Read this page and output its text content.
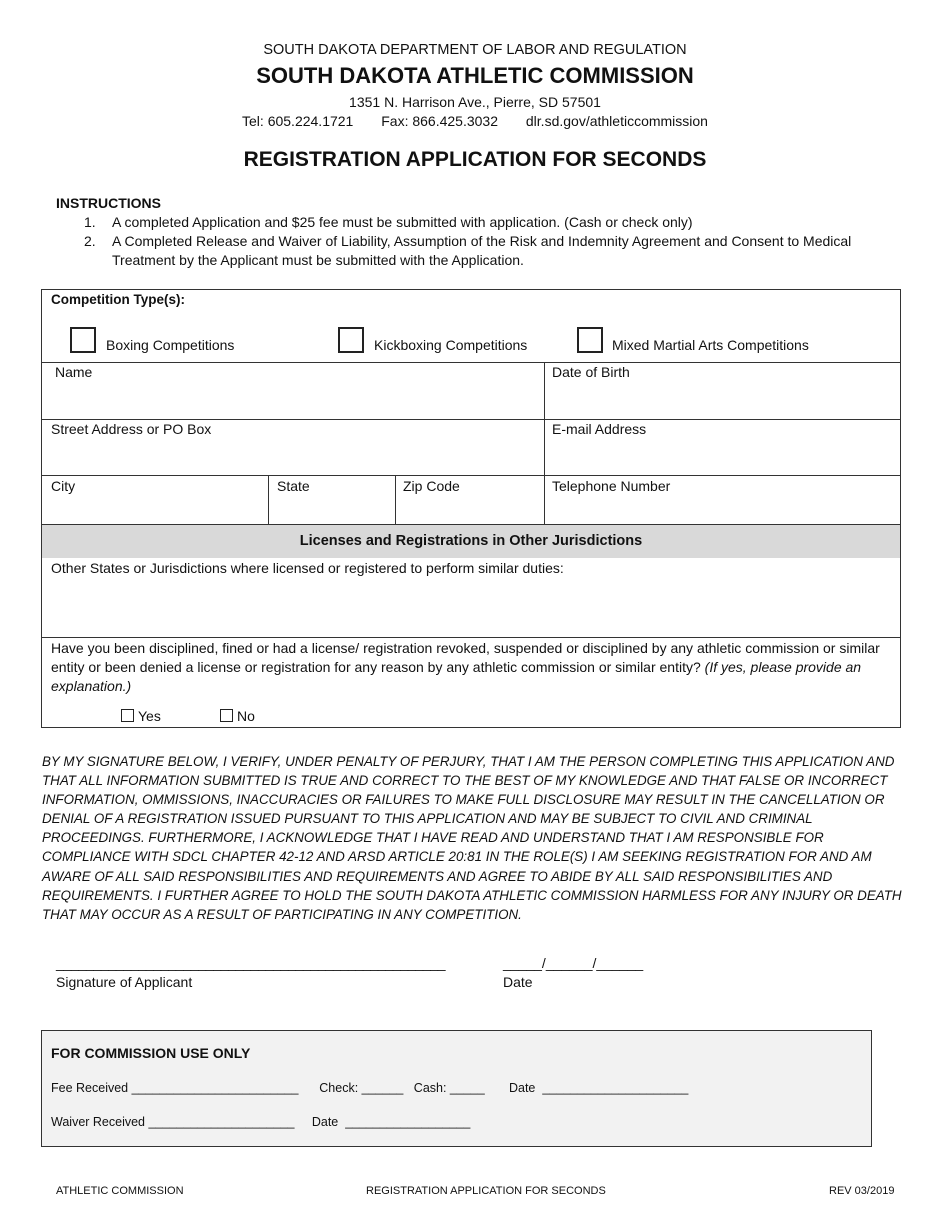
SOUTH DAKOTA DEPARTMENT OF LABOR AND REGULATION
SOUTH DAKOTA ATHLETIC COMMISSION
1351 N. Harrison Ave., Pierre, SD 57501
Tel: 605.224.1721 Fax: 866.425.3032 dlr.sd.gov/athleticcommission
REGISTRATION APPLICATION FOR SECONDS
INSTRUCTIONS
1.	A completed Application and $25 fee must be submitted with application. (Cash or check only)
2.	A Completed Release and Waiver of Liability, Assumption of the Risk and Indemnity Agreement and Consent to Medical Treatment by the Applicant must be submitted with the Application.
Competition Type(s):
Boxing Competitions	Kickboxing Competitions	Mixed Martial Arts Competitions
Name	Date of Birth
Street Address or PO Box	E-mail Address
City	State	Zip Code	Telephone Number
Licenses and Registrations in Other Jurisdictions
Other States or Jurisdictions where licensed or registered to perform similar duties:
Have you been disciplined, fined or had a license/ registration revoked, suspended or disciplined by any athletic commission or similar entity or been denied a license or registration for any reason by any athletic commission or similar entity? (If yes, please provide an explanation.)
Yes	No
BY MY SIGNATURE BELOW, I VERIFY, UNDER PENALTY OF PERJURY, THAT I AM THE PERSON COMPLETING THIS APPLICATION AND THAT ALL INFORMATION SUBMITTED IS TRUE AND CORRECT TO THE BEST OF MY KNOWLEDGE AND THAT FALSE OR INCORRECT INFORMATION, OMMISSIONS, INACCURACIES OR FAILURES TO MAKE FULL DISCLOSURE MAY RESULT IN THE CANCELLATION OR DENIAL OF A REGISTRATION ISSUED PURSUANT TO THIS APPLICATION AND MAY BE SUBJECT TO CIVIL AND CRIMINAL PROCEEDINGS. FURTHERMORE, I ACKNOWLEDGE THAT I HAVE READ AND UNDERSTAND THAT I AM RESPONSIBLE FOR COMPLIANCE WITH SDCL CHAPTER 42-12 AND ARSD ARTICLE 20:81 IN THE ROLE(S) I AM SEEKING REGISTRATION FOR AND AM AWARE OF ALL SAID RESPONSIBILITIES AND REQUIREMENTS AND AGREE TO ABIDE BY ALL SAID RESPONSIBILITIES AND REQUIREMENTS. I FURTHER AGREE TO HOLD THE SOUTH DAKOTA ATHLETIC COMMISSION HARMLESS FOR ANY INJURY OR DEATH THAT MAY OCCUR AS A RESULT OF PARTICIPATING IN ANY COMPETITION.
____________________________________________________
Signature of Applicant
_____/______/______
Date
FOR COMMISSION USE ONLY
Fee Received ________________________      Check: ______   Cash: _____       Date  _____________________
Waiver Received _____________________     Date  __________________
ATHLETIC COMMISSION	REGISTRATION APPLICATION FOR SECONDS	REV 03/2019
